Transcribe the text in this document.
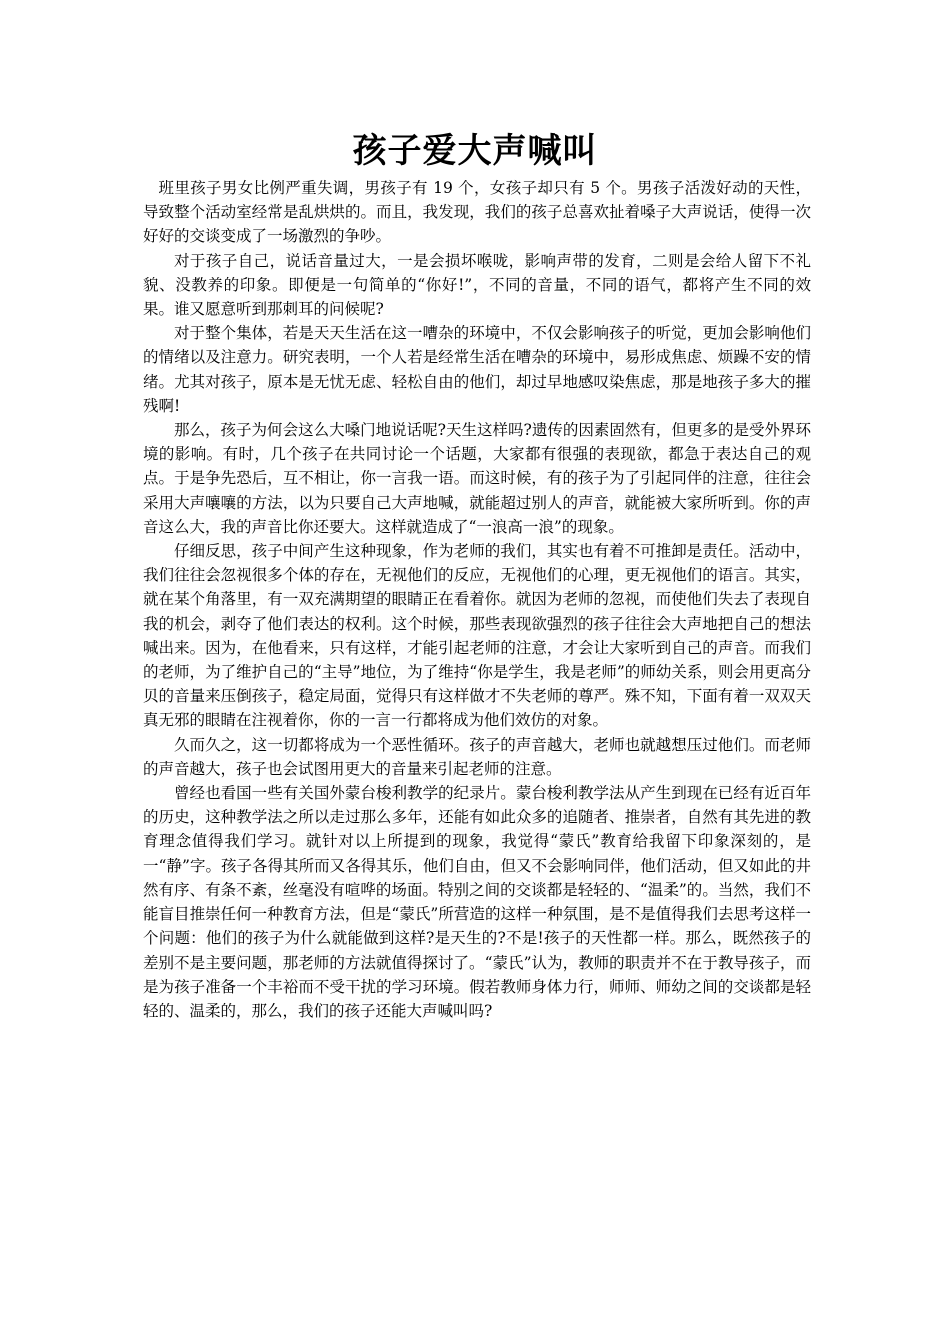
孩子爱大声喊叫

班里孩子男女比例严重失调，男孩子有 19 个，女孩子却只有 5 个。男孩子活泼好动的天性，导致整个活动室经常是乱烘烘的。而且，我发现，我们的孩子总喜欢扯着嗓子大声说话，使得一次好好的交谈变成了一场激烈的争吵。

对于孩子自己，说话音量过大，一是会损坏喉咙，影响声带的发育，二则是会给人留下不礼貌、没教养的印象。即便是一句简单的“你好!”，不同的音量，不同的语气，都将产生不同的效果。谁又愿意听到那刺耳的问候呢?

对于整个集体，若是天天生活在这一嘈杂的环境中，不仅会影响孩子的听觉，更加会影响他们的情绪以及注意力。研究表明，一个人若是经常生活在嘈杂的环境中，易形成焦虑、烦躁不安的情绪。尤其对孩子，原本是无忧无虑、轻松自由的他们，却过早地感叹染焦虑，那是地孩子多大的摧残啊!

那么，孩子为何会这么大嗓门地说话呢?天生这样吗?遗传的因素固然有，但更多的是受外界环境的影响。有时，几个孩子在共同讨论一个话题，大家都有很强的表现欲，都急于表达自己的观点。于是争先恐后，互不相让，你一言我一语。而这时候，有的孩子为了引起同伴的注意，往往会采用大声嚷嚷的方法，以为只要自己大声地喊，就能超过别人的声音，就能被大家所听到。你的声音这么大，我的声音比你还要大。这样就造成了“一浪高一浪”的现象。

仔细反思，孩子中间产生这种现象，作为老师的我们，其实也有着不可推卸是责任。活动中，我们往往会忽视很多个体的存在，无视他们的反应，无视他们的心理，更无视他们的语言。其实，就在某个角落里，有一双充满期望的眼睛正在看着你。就因为老师的忽视，而使他们失去了表现自我的机会，剥夺了他们表达的权利。这个时候，那些表现欲强烈的孩子往往会大声地把自己的想法喊出来。因为，在他看来，只有这样，才能引起老师的注意，才会让大家听到自己的声音。而我们的老师，为了维护自己的“主导”地位，为了维持“你是学生，我是老师”的师幼关系，则会用更高分贝的音量来压倒孩子，稳定局面，觉得只有这样做才不失老师的尊严。殊不知，下面有着一双双天真无邪的眼睛在注视着你，你的一言一行都将成为他们效仿的对象。

久而久之，这一切都将成为一个恶性循环。孩子的声音越大，老师也就越想压过他们。而老师的声音越大，孩子也会试图用更大的音量来引起老师的注意。

曾经也看国一些有关国外蒙台梭利教学的纪录片。蒙台梭利教学法从产生到现在已经有近百年的历史，这种教学法之所以走过那么多年，还能有如此众多的追随者、推崇者，自然有其先进的教育理念值得我们学习。就针对以上所提到的现象，我觉得“蒙氏”教育给我留下印象深刻的，是一“静”字。孩子各得其所而又各得其乐，他们自由，但又不会影响同伴，他们活动，但又如此的井然有序、有条不紊，丝毫没有喧哗的场面。特别之间的交谈都是轻轻的、“温柔”的。当然，我们不能盲目推崇任何一种教育方法，但是“蒙氏”所营造的这样一种氛围，是不是值得我们去思考这样一个问题：他们的孩子为什么就能做到这样?是天生的?不是!孩子的天性都一样。那么，既然孩子的差别不是主要问题，那老师的方法就值得探讨了。“蒙氏”认为，教师的职责并不在于教导孩子，而是为孩子准备一个丰裕而不受干扰的学习环境。假若教师身体力行，师师、师幼之间的交谈都是轻轻的、温柔的，那么，我们的孩子还能大声喊叫吗?
